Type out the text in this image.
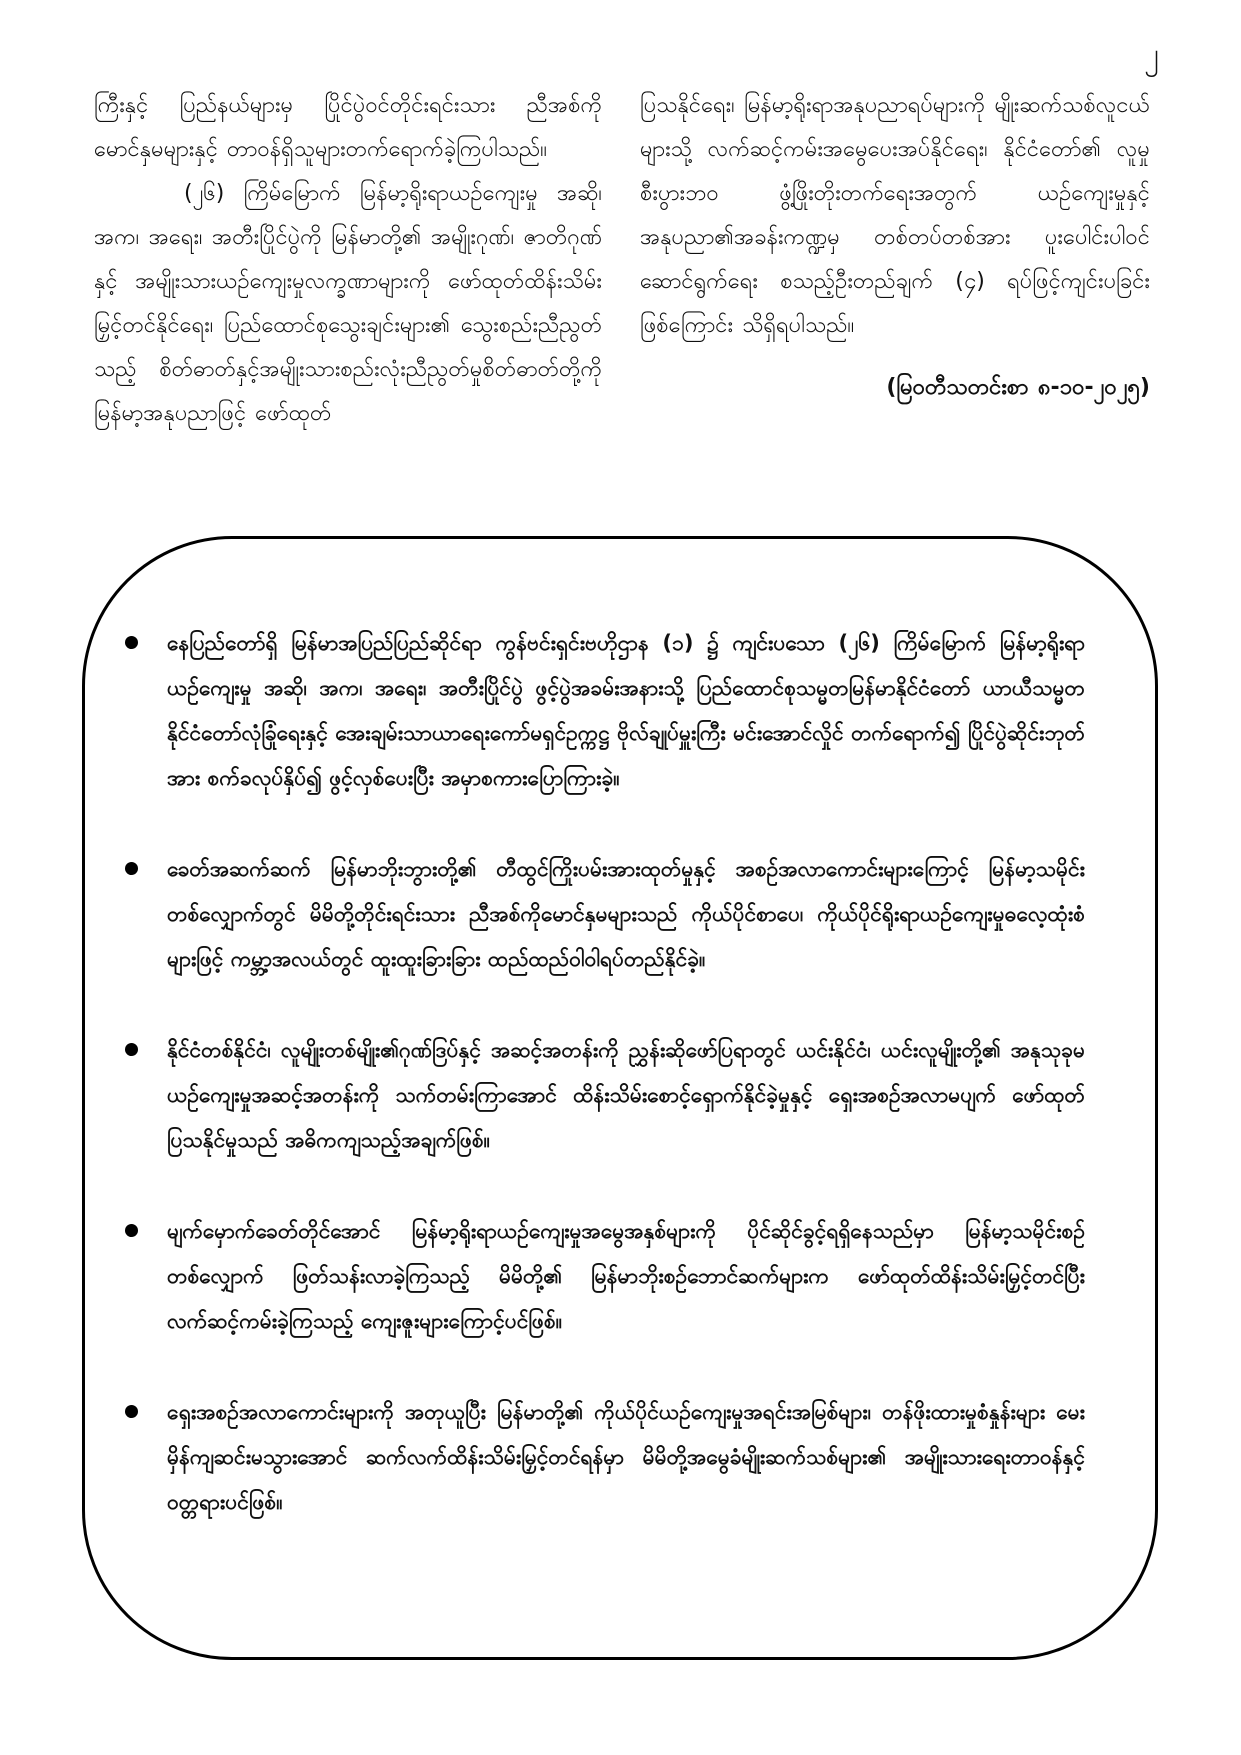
၂

ကြီးနှင့် ပြည်နယ်များမှ ပြိုင်ပွဲဝင်တိုင်းရင်းသား ညီအစ်ကို မောင်နှမများနှင့် တာဝန်ရှိသူများတက်ရောက်ခဲ့ကြပါသည်။

(၂၆) ကြိမ်မြောက် မြန်မာ့ရိုးရာယဉ်ကျေးမှု အဆို၊ အက၊ အရေး၊ အတီးပြိုင်ပွဲကို မြန်မာတို့၏ အမျိုးဂုဏ်၊ ဇာတိဂုဏ်နှင့် အမျိုးသားယဉ်ကျေးမှုလက္ခဏာများကို ဖော်ထုတ်ထိန်းသိမ်းမြှင့်တင်နိုင်ရေး၊ ပြည်ထောင်စုသွေးချင်းများ၏ သွေးစည်းညီညွတ်သည့် စိတ်ဓာတ်နှင့်အမျိုးသားစည်းလုံးညီညွတ်မှုစိတ်ဓာတ်တို့ကို မြန်မာ့အနုပညာဖြင့် ဖော်ထုတ်

ပြသနိုင်ရေး၊ မြန်မာ့ရိုးရာအနုပညာရပ်များကို မျိုးဆက်သစ်လူငယ်များသို့ လက်ဆင့်ကမ်းအမွေပေးအပ်နိုင်ရေး၊ နိုင်ငံတော်၏ လူမှုစီးပွားဘဝ ဖွံ့ဖြိုးတိုးတက်ရေးအတွက် ယဉ်ကျေးမှုနှင့် အနုပညာ၏အခန်းကဏ္ဍမှ တစ်တပ်တစ်အား ပူးပေါင်းပါဝင်ဆောင်ရွက်ရေး စသည့်ဦးတည်ချက် (၄) ရပ်ဖြင့်ကျင်းပခြင်းဖြစ်ကြောင်း သိရှိရပါသည်။

(မြဝတီသတင်းစာ ၈-၁၀-၂၀၂၅)

နေပြည်တော်ရှိ မြန်မာအပြည်ပြည်ဆိုင်ရာ ကွန်ဗင်းရှင်းဗဟိုဌာန (၁) ၌ ကျင်းပသော (၂၆) ကြိမ်မြောက် မြန်မာ့ရိုးရာယဉ်ကျေးမှု အဆို၊ အက၊ အရေး၊ အတီးပြိုင်ပွဲ ဖွင့်ပွဲအခမ်းအနားသို့ ပြည်ထောင်စုသမ္မတမြန်မာနိုင်ငံတော် ယာယီသမ္မတ နိုင်ငံတော်လုံခြုံရေးနှင့် အေးချမ်းသာယာရေးကော်မရှင်ဥက္ကဋ္ဌ ဗိုလ်ချုပ်မှူးကြီး မင်းအောင်လှိုင် တက်ရောက်၍ ပြိုင်ပွဲဆိုင်းဘုတ်အား စက်ခလုပ်နှိပ်၍ ဖွင့်လှစ်ပေးပြီး အမှာစကားပြောကြားခဲ့။
ခေတ်အဆက်ဆက် မြန်မာဘိုးဘွားတို့၏ တီထွင်ကြိုးပမ်းအားထုတ်မှုနှင့် အစဉ်အလာကောင်းများကြောင့် မြန်မာ့သမိုင်းတစ်လျှောက်တွင် မိမိတို့တိုင်းရင်းသား ညီအစ်ကိုမောင်နှမများသည် ကိုယ်ပိုင်စာပေ၊ ကိုယ်ပိုင်ရိုးရာယဉ်ကျေးမှုဓလေ့ထုံးစံများဖြင့် ကမ္ဘာ့အလယ်တွင် ထူးထူးခြားခြား ထည်ထည်ဝါဝါရပ်တည်နိုင်ခဲ့။
နိုင်ငံတစ်နိုင်ငံ၊ လူမျိုးတစ်မျိုး၏ဂုဏ်ဒြပ်နှင့် အဆင့်အတန်းကို ညွှန်းဆိုဖော်ပြရာတွင် ယင်းနိုင်ငံ၊ ယင်းလူမျိုးတို့၏ အနုသုခုမယဉ်ကျေးမှုအဆင့်အတန်းကို သက်တမ်းကြာအောင် ထိန်းသိမ်းစောင့်ရှောက်နိုင်ခဲ့မှုနှင့် ရှေးအစဉ်အလာမပျက် ဖော်ထုတ်ပြသနိုင်မှုသည် အဓိကကျသည့်အချက်ဖြစ်။
မျက်မှောက်ခေတ်တိုင်အောင် မြန်မာ့ရိုးရာယဉ်ကျေးမှုအမွေအနှစ်များကို ပိုင်ဆိုင်ခွင့်ရရှိနေသည်မှာ မြန်မာ့သမိုင်းစဉ်တစ်လျှောက် ဖြတ်သန်းလာခဲ့ကြသည့် မိမိတို့၏ မြန်မာဘိုးစဉ်ဘောင်ဆက်များက ဖော်ထုတ်ထိန်းသိမ်းမြှင့်တင်ပြီး လက်ဆင့်ကမ်းခဲ့ကြသည့် ကျေးဇူးများကြောင့်ပင်ဖြစ်။
ရှေးအစဉ်အလာကောင်းများကို အတုယူပြီး မြန်မာတို့၏ ကိုယ်ပိုင်ယဉ်ကျေးမှုအရင်းအမြစ်များ၊ တန်ဖိုးထားမှုစံနှုန်းများ မေးမှိန်ကျဆင်းမသွားအောင် ဆက်လက်ထိန်းသိမ်းမြှင့်တင်ရန်မှာ မိမိတို့အမွေခံမျိုးဆက်သစ်များ၏ အမျိုးသားရေးတာဝန်နှင့် ဝတ္တရားပင်ဖြစ်။
